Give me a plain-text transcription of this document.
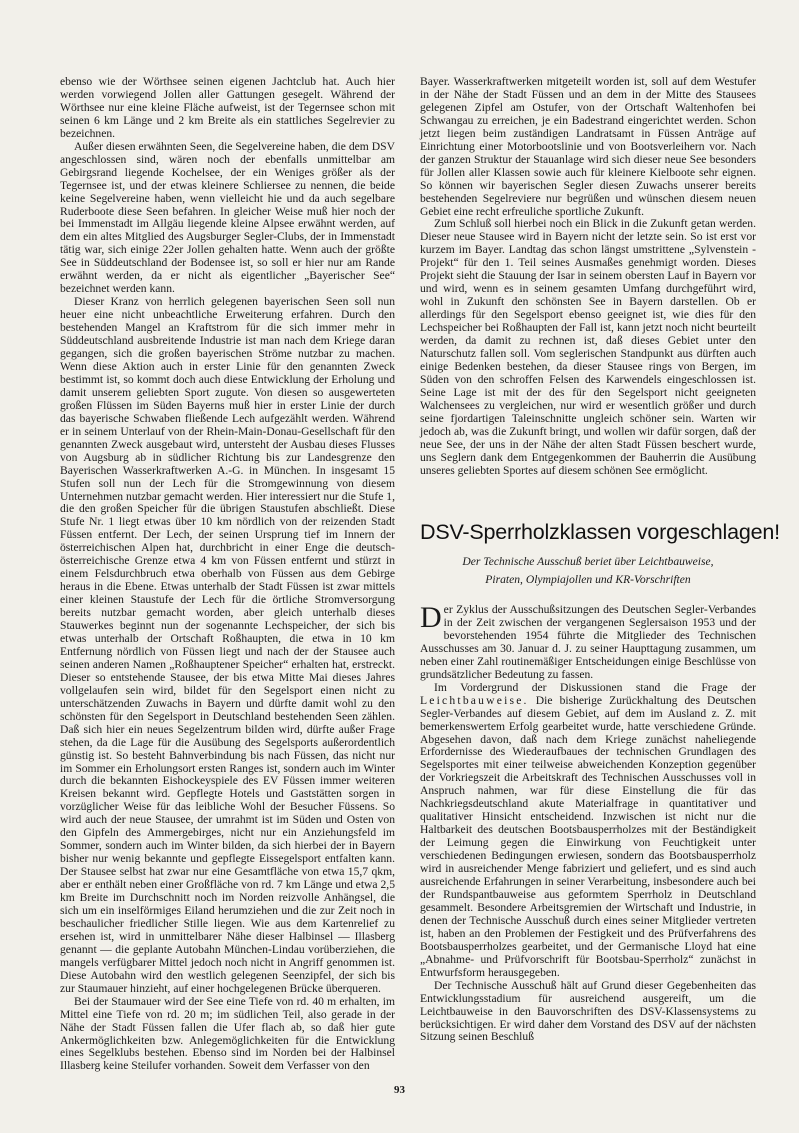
ebenso wie der Wörthsee seinen eigenen Jachtclub hat. Auch hier werden vorwiegend Jollen aller Gattungen gesegelt. Während der Wörthsee nur eine kleine Fläche aufweist, ist der Tegernsee schon mit seinen 6 km Länge und 2 km Breite als ein stattliches Segelrevier zu bezeichnen.

Außer diesen erwähnten Seen, die Segelvereine haben, die dem DSV angeschlossen sind, wären noch der ebenfalls unmittelbar am Gebirgsrand liegende Kochelsee, der ein Weniges größer als der Tegernsee ist, und der etwas kleinere Schliersee zu nennen, die beide keine Segelvereine haben, wenn vielleicht hie und da auch segelbare Ruderboote diese Seen befahren. In gleicher Weise muß hier noch der bei Immenstadt im Allgäu liegende kleine Alpsee erwähnt werden, auf dem ein altes Mitglied des Augsburger Segler-Clubs, der in Immenstadt tätig war, sich einige 22er Jollen gehalten hatte. Wenn auch der größte See in Süddeutschland der Bodensee ist, so soll er hier nur am Rande erwähnt werden, da er nicht als eigentlicher „Bayerischer See“ bezeichnet werden kann.

Dieser Kranz von herrlich gelegenen bayerischen Seen soll nun heuer eine nicht unbeachtliche Erweiterung erfahren. Durch den bestehenden Mangel an Kraftstrom für die sich immer mehr in Süddeutschland ausbreitende Industrie ist man nach dem Kriege daran gegangen, sich die großen bayerischen Ströme nutzbar zu machen. Wenn diese Aktion auch in erster Linie für den genannten Zweck bestimmt ist, so kommt doch auch diese Entwicklung der Erholung und damit unserem geliebten Sport zugute. Von diesen so ausgewerteten großen Flüssen im Süden Bayerns muß hier in erster Linie der durch das bayerische Schwaben fließende Lech aufgezählt werden. Während er in seinem Unterlauf von der Rhein-Main-Donau-Gesellschaft für den genannten Zweck ausgebaut wird, untersteht der Ausbau dieses Flusses von Augsburg ab in südlicher Richtung bis zur Landesgrenze den Bayerischen Wasserkraftwerken A.-G. in München. In insgesamt 15 Stufen soll nun der Lech für die Stromgewinnung von diesem Unternehmen nutzbar gemacht werden. Hier interessiert nur die Stufe 1, die den großen Speicher für die übrigen Staustufen abschließt. Diese Stufe Nr. 1 liegt etwas über 10 km nördlich von der reizenden Stadt Füssen entfernt. Der Lech, der seinen Ursprung tief im Innern der österreichischen Alpen hat, durchbricht in einer Enge die deutsch-österreichische Grenze etwa 4 km von Füssen entfernt und stürzt in einem Felsdurchbruch etwa oberhalb von Füssen aus dem Gebirge heraus in die Ebene. Etwas unterhalb der Stadt Füssen ist zwar mittels einer kleinen Staustufe der Lech für die örtliche Stromversorgung bereits nutzbar gemacht worden, aber gleich unterhalb dieses Stauwerkes beginnt nun der sogenannte Lechspeicher, der sich bis etwas unterhalb der Ortschaft Roßhaupten, die etwa in 10 km Entfernung nördlich von Füssen liegt und nach der der Stausee auch seinen anderen Namen „Roßhauptener Speicher“ erhalten hat, erstreckt. Dieser so entstehende Stausee, der bis etwa Mitte Mai dieses Jahres vollgelaufen sein wird, bildet für den Segelsport einen nicht zu unterschätzenden Zuwachs in Bayern und dürfte damit wohl zu den schönsten für den Segelsport in Deutschland bestehenden Seen zählen. Daß sich hier ein neues Segelzentrum bilden wird, dürfte außer Frage stehen, da die Lage für die Ausübung des Segelsports außerordentlich günstig ist. So besteht Bahnverbindung bis nach Füssen, das nicht nur im Sommer ein Erholungsort ersten Ranges ist, sondern auch im Winter durch die bekannten Eishockeyspiele des EV Füssen immer weiteren Kreisen bekannt wird. Gepflegte Hotels und Gaststätten sorgen in vorzüglicher Weise für das leibliche Wohl der Besucher Füssens. So wird auch der neue Stausee, der umrahmt ist im Süden und Osten von den Gipfeln des Ammergebirges, nicht nur ein Anziehungsfeld im Sommer, sondern auch im Winter bilden, da sich hierbei der in Bayern bisher nur wenig bekannte und gepflegte Eissegelsport entfalten kann. Der Stausee selbst hat zwar nur eine Gesamtfläche von etwa 15,7 qkm, aber er enthält neben einer Großfläche von rd. 7 km Länge und etwa 2,5 km Breite im Durchschnitt noch im Norden reizvolle Anhängsel, die sich um ein inselförmiges Eiland herumziehen und die zur Zeit noch in beschaulicher friedlicher Stille liegen. Wie aus dem Kartenrelief zu ersehen ist, wird in unmittelbarer Nähe dieser Halbinsel — Illasberg genannt — die geplante Autobahn München-Lindau vorüberziehen, die mangels verfügbarer Mittel jedoch noch nicht in Angriff genommen ist. Diese Autobahn wird den westlich gelegenen Seenzipfel, der sich bis zur Staumauer hinzieht, auf einer hochgelegenen Brücke überqueren.

Bei der Staumauer wird der See eine Tiefe von rd. 40 m erhalten, im Mittel eine Tiefe von rd. 20 m; im südlichen Teil, also gerade in der Nähe der Stadt Füssen fallen die Ufer flach ab, so daß hier gute Ankermöglichkeiten bzw. Anlegemöglichkeiten für die Entwicklung eines Segelklubs bestehen. Ebenso sind im Norden bei der Halbinsel Illasberg keine Steilufer vorhanden. Soweit dem Verfasser von den

Bayer. Wasserkraftwerken mitgeteilt worden ist, soll auf dem Westufer in der Nähe der Stadt Füssen und an dem in der Mitte des Stausees gelegenen Zipfel am Ostufer, von der Ortschaft Waltenhofen bei Schwangau zu erreichen, je ein Badestrand eingerichtet werden. Schon jetzt liegen beim zuständigen Landratsamt in Füssen Anträge auf Einrichtung einer Motorbootslinie und von Bootsverleihern vor. Nach der ganzen Struktur der Stauanlage wird sich dieser neue See besonders für Jollen aller Klassen sowie auch für kleinere Kielboote sehr eignen. So können wir bayerischen Segler diesen Zuwachs unserer bereits bestehenden Segelreviere nur begrüßen und wünschen diesem neuen Gebiet eine recht erfreuliche sportliche Zukunft.

Zum Schluß soll hierbei noch ein Blick in die Zukunft getan werden. Dieser neue Stausee wird in Bayern nicht der letzte sein. So ist erst vor kurzem im Bayer. Landtag das schon längst umstrittene „Sylvenstein - Projekt“ für den 1. Teil seines Ausmaßes genehmigt worden. Dieses Projekt sieht die Stauung der Isar in seinem obersten Lauf in Bayern vor und wird, wenn es in seinem gesamten Umfang durchgeführt wird, wohl in Zukunft den schönsten See in Bayern darstellen. Ob er allerdings für den Segelsport ebenso geeignet ist, wie dies für den Lechspeicher bei Roßhaupten der Fall ist, kann jetzt noch nicht beurteilt werden, da damit zu rechnen ist, daß dieses Gebiet unter den Naturschutz fallen soll. Vom seglerischen Standpunkt aus dürften auch einige Bedenken bestehen, da dieser Stausee rings von Bergen, im Süden von den schroffen Felsen des Karwendels eingeschlossen ist. Seine Lage ist mit der des für den Segelsport nicht geeigneten Walchensees zu vergleichen, nur wird er wesentlich größer und durch seine fjordartigen Taleinschnitte ungleich schöner sein. Warten wir jedoch ab, was die Zukunft bringt, und wollen wir dafür sorgen, daß der neue See, der uns in der Nähe der alten Stadt Füssen beschert wurde, uns Seglern dank dem Entgegenkommen der Bauherrin die Ausübung unseres geliebten Sportes auf diesem schönen See ermöglicht.

DSV-Sperrholzklassen vorgeschlagen!
Der Technische Ausschuß beriet über Leichtbauweise,
Piraten, Olympiajollen und KR-Vorschriften

Der Zyklus der Ausschußsitzungen des Deutschen Segler-Verbandes in der Zeit zwischen der vergangenen Seglersaison 1953 und der bevorstehenden 1954 führte die Mitglieder des Technischen Ausschusses am 30. Januar d. J. zu seiner Haupttagung zusammen, um neben einer Zahl routinemäßiger Entscheidungen einige Beschlüsse von grundsätzlicher Bedeutung zu fassen.

Im Vordergrund der Diskussionen stand die Frage der Leichtbauweise. Die bisherige Zurückhaltung des Deutschen Segler-Verbandes auf diesem Gebiet, auf dem im Ausland z. Z. mit bemerkenswertem Erfolg gearbeitet wurde, hatte verschiedene Gründe. Abgesehen davon, daß nach dem Kriege zunächst naheliegende Erfordernisse des Wiederaufbaues der technischen Grundlagen des Segelsportes mit einer teilweise abweichenden Konzeption gegenüber der Vorkriegszeit die Arbeitskraft des Technischen Ausschusses voll in Anspruch nahmen, war für diese Einstellung die für das Nachkriegsdeutschland akute Materialfrage in quantitativer und qualitativer Hinsicht entscheidend. Inzwischen ist nicht nur die Haltbarkeit des deutschen Bootsbausperrholzes mit der Beständigkeit der Leimung gegen die Einwirkung von Feuchtigkeit unter verschiedenen Bedingungen erwiesen, sondern das Bootsbausperrholz wird in ausreichender Menge fabriziert und geliefert, und es sind auch ausreichende Erfahrungen in seiner Verarbeitung, insbesondere auch bei der Rundspantbauweise aus geformtem Sperrholz in Deutschland gesammelt. Besondere Arbeitsgremien der Wirtschaft und Industrie, in denen der Technische Ausschuß durch eines seiner Mitglieder vertreten ist, haben an den Problemen der Festigkeit und des Prüfverfahrens des Bootsbausperrholzes gearbeitet, und der Germanische Lloyd hat eine „Abnahme- und Prüfvorschrift für Bootsbau-Sperrholz“ zunächst in Entwurfsform herausgegeben.

Der Technische Ausschuß hält auf Grund dieser Gegebenheiten das Entwicklungsstadium für ausreichend ausgereift, um die Leichtbauweise in den Bauvorschriften des DSV-Klassensystems zu berücksichtigen. Er wird daher dem Vorstand des DSV auf der nächsten Sitzung seinen Beschluß

93
